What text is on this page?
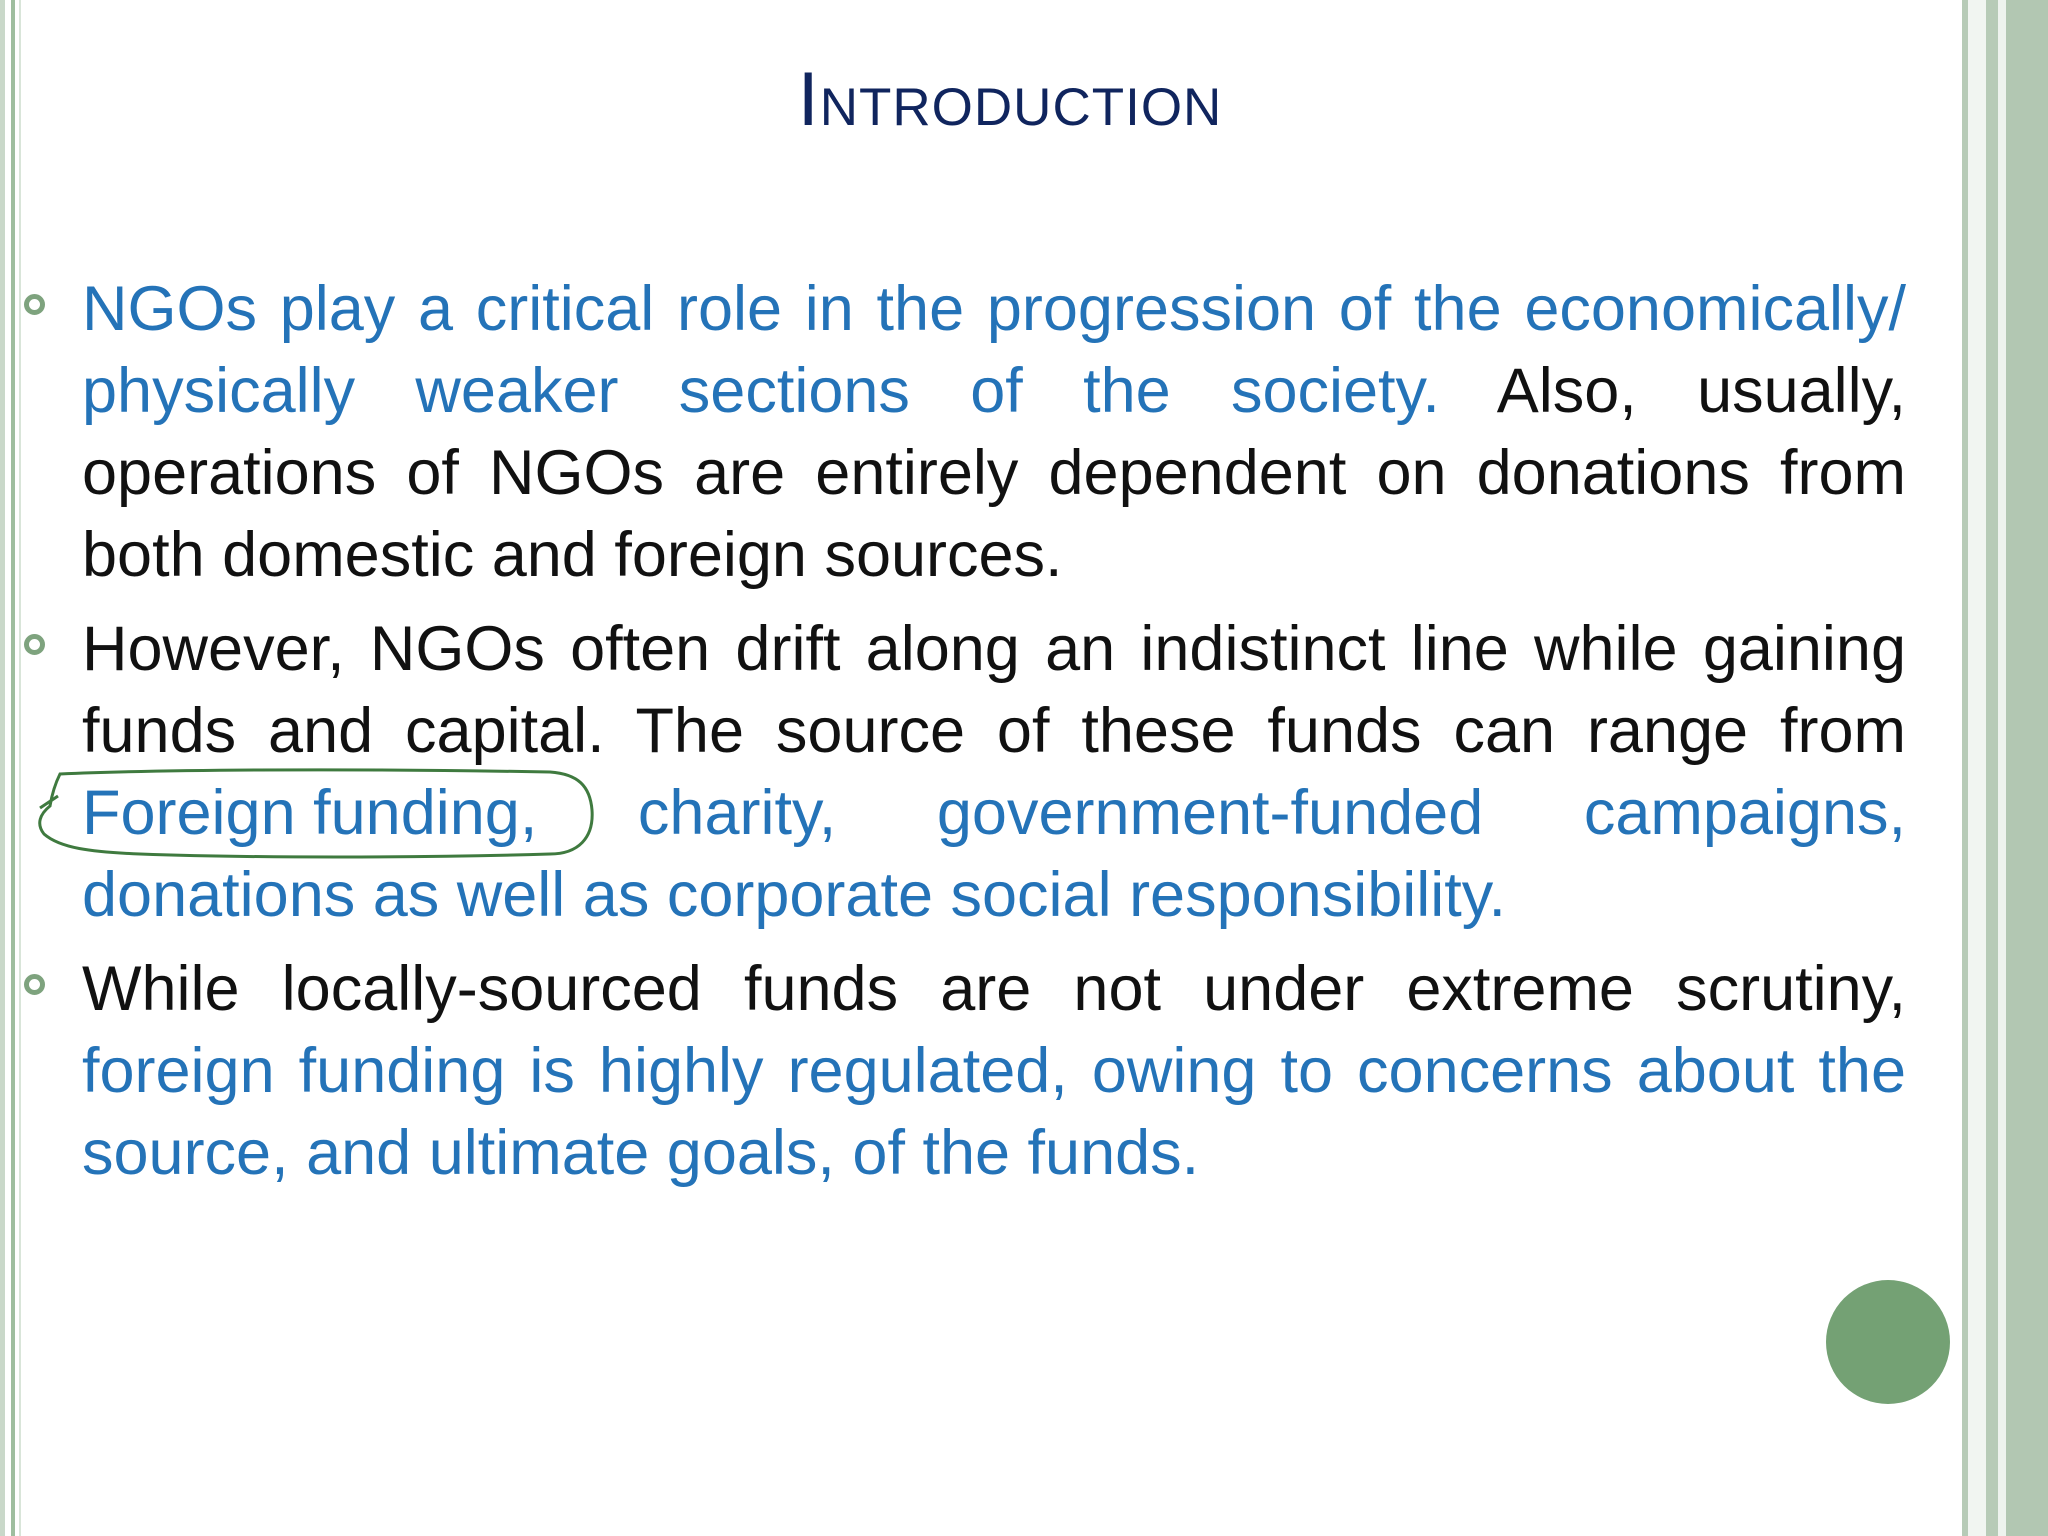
Introduction
NGOs play a critical role in the progression of the economically/ physically weaker sections of the society. Also, usually, operations of NGOs are entirely dependent on donations from both domestic and foreign sources.
However, NGOs often drift along an indistinct line while gaining funds and capital. The source of these funds can range from Foreign funding
, charity, government-funded campaigns, donations as well as corporate social responsibility.
While locally-sourced funds are not under extreme scrutiny, foreign funding is highly regulated, owing to concerns about the source, and ultimate goals, of the funds.
